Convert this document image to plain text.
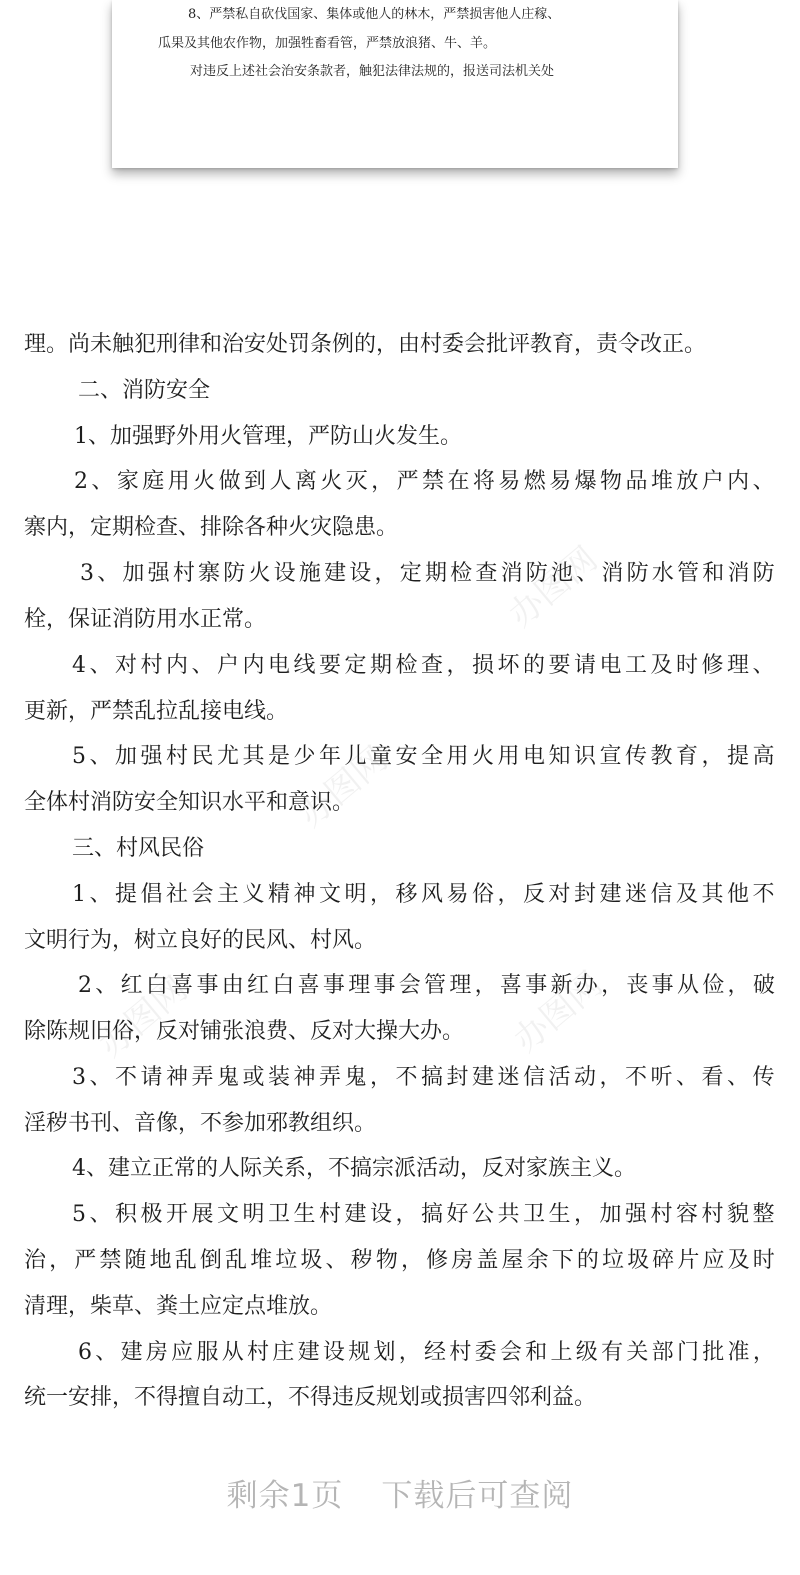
8、严禁私自砍伐国家、集体或他人的林木，严禁损害他人庄稼、

瓜果及其他农作物，加强牲畜看管，严禁放浪猪、牛、羊。

对违反上述社会治安条款者，触犯法律法规的，报送司法机关处

办图网
办图网
办图网	办图网

理。尚未触犯刑律和治安处罚条例的，由村委会批评教育，责令改正。

二、消防安全

1、加强野外用火管理，严防山火发生。

2、家庭用火做到人离火灭，严禁在将易燃易爆物品堆放户内、

寨内，定期检查、排除各种火灾隐患。

3、加强村寨防火设施建设，定期检查消防池、消防水管和消防

栓，保证消防用水正常。

4、对村内、户内电线要定期检查，损坏的要请电工及时修理、

更新，严禁乱拉乱接电线。

5、加强村民尤其是少年儿童安全用火用电知识宣传教育，提高

全体村消防安全知识水平和意识。

三、村风民俗

1、提倡社会主义精神文明，移风易俗，反对封建迷信及其他不

文明行为，树立良好的民风、村风。

2、红白喜事由红白喜事理事会管理，喜事新办，丧事从俭，破

除陈规旧俗，反对铺张浪费、反对大操大办。

3、不请神弄鬼或装神弄鬼，不搞封建迷信活动，不听、看、传

淫秽书刊、音像，不参加邪教组织。

4、建立正常的人际关系，不搞宗派活动，反对家族主义。

5、积极开展文明卫生村建设，搞好公共卫生，加强村容村貌整

治，严禁随地乱倒乱堆垃圾、秽物，修房盖屋余下的垃圾碎片应及时

清理，柴草、粪土应定点堆放。

6、建房应服从村庄建设规划，经村委会和上级有关部门批准，

统一安排，不得擅自动工，不得违反规划或损害四邻利益。

剩余1页 下载后可查阅
